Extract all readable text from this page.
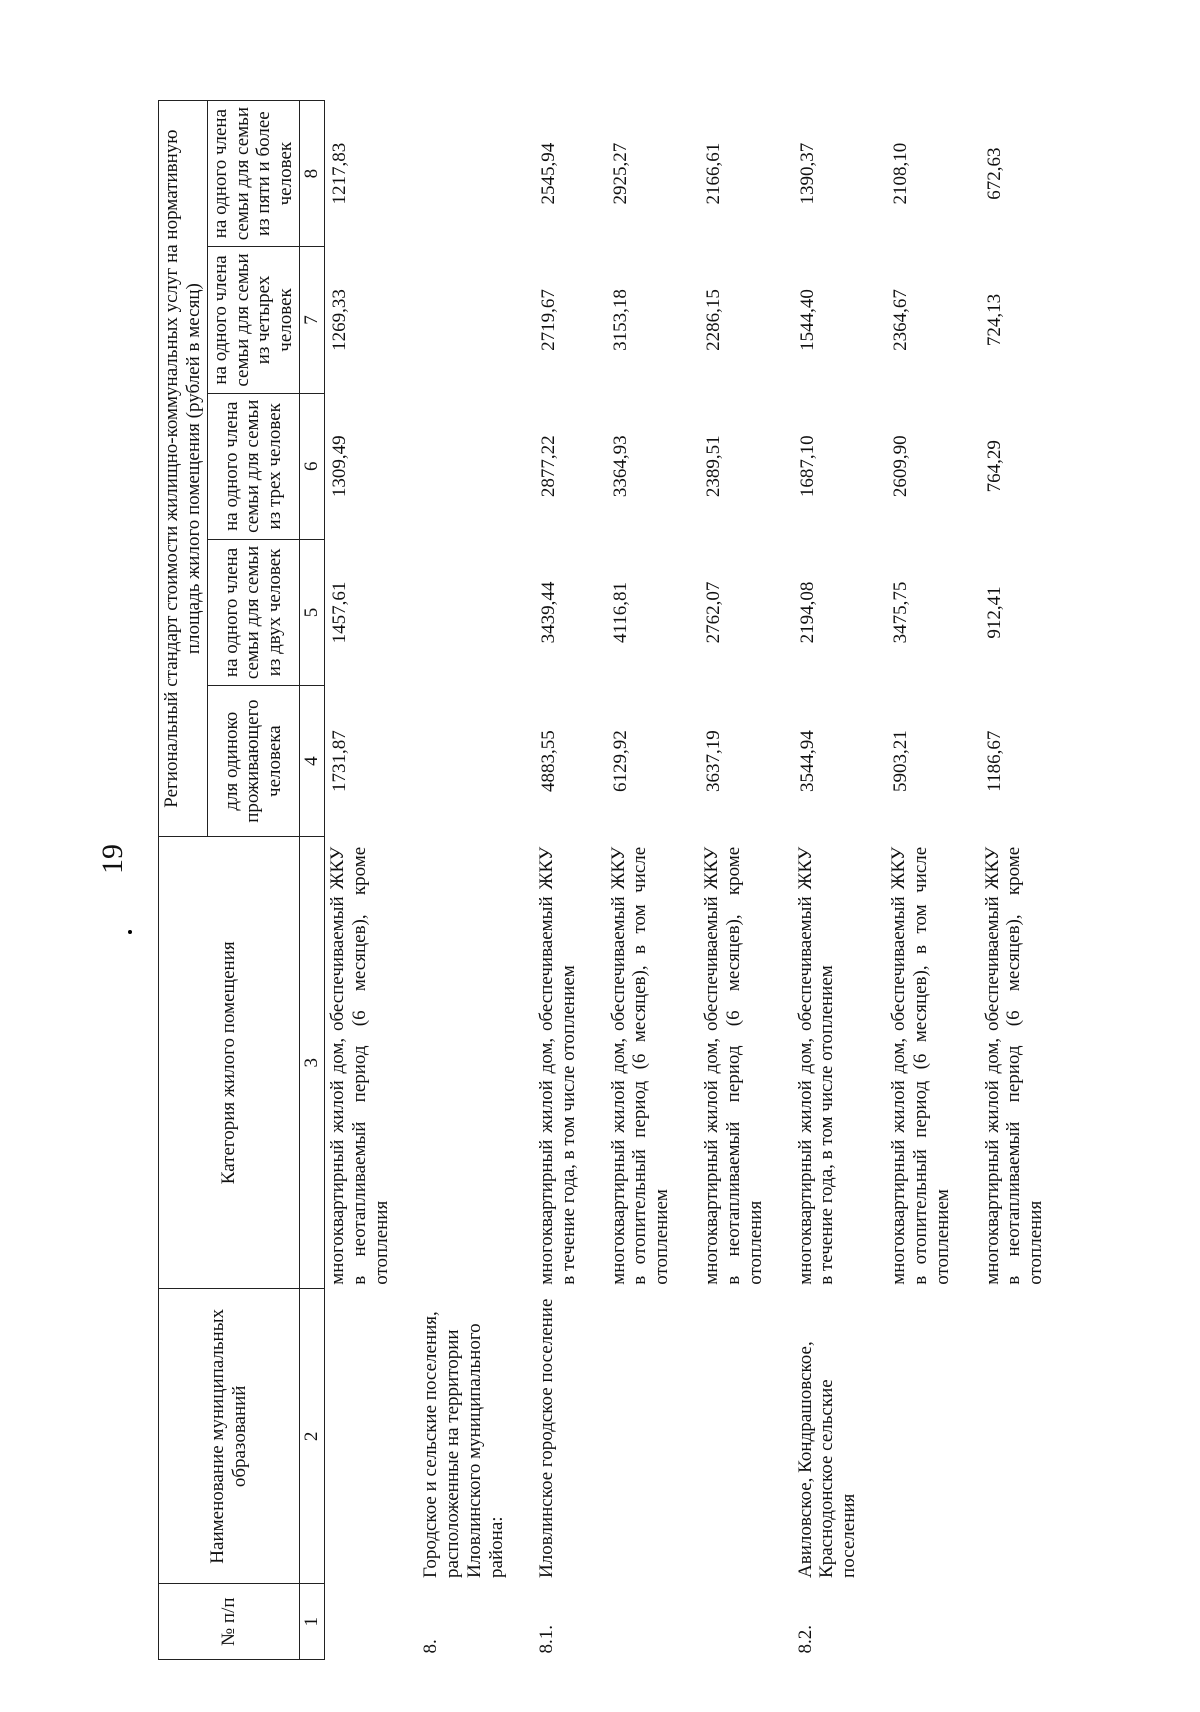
19
№ п/п	Наименование муниципальных образований	Категория жилого помещения	Региональный стандарт стоимости жилищно-коммунальных услуг на нормативную площадь жилого помещения (рублей в месяц)				
			для одиноко проживающего человека	на одного члена семьи для семьи из двух человек	на одного члена семьи для семьи из трех человек	на одного члена семьи для семьи из четырех человек	на одного члена семьи для семьи из пяти и более человек
1	2	3	4	5	6	7	8
		многоквартирный жилой дом, обеспечиваемый ЖКУ в неотапливаемый период (6 месяцев), кроме отопления	1731,87	1457,61	1309,49	1269,33	1217,83
8.	Городское и сельские поселения, расположенные на территории Иловлинского муниципального района:						
8.1.	Иловлинское городское поселение	многоквартирный жилой дом, обеспечиваемый ЖКУ в течение года, в том числе отоплением	4883,55	3439,44	2877,22	2719,67	2545,94
		многоквартирный жилой дом, обеспечиваемый ЖКУ в отопительный период (6 месяцев), в том числе отоплением	6129,92	4116,81	3364,93	3153,18	2925,27
		многоквартирный жилой дом, обеспечиваемый ЖКУ в неотапливаемый период (6 месяцев), кроме отопления	3637,19	2762,07	2389,51	2286,15	2166,61
8.2.	Авиловское, Кондрашовское, Краснодонское сельские поселения	многоквартирный жилой дом, обеспечиваемый ЖКУ в течение года, в том числе отоплением	3544,94	2194,08	1687,10	1544,40	1390,37
		многоквартирный жилой дом, обеспечиваемый ЖКУ в отопительный период (6 месяцев), в том числе отоплением	5903,21	3475,75	2609,90	2364,67	2108,10
		многоквартирный жилой дом, обеспечиваемый ЖКУ в неотапливаемый период (6 месяцев), кроме отопления	1186,67	912,41	764,29	724,13	672,63
